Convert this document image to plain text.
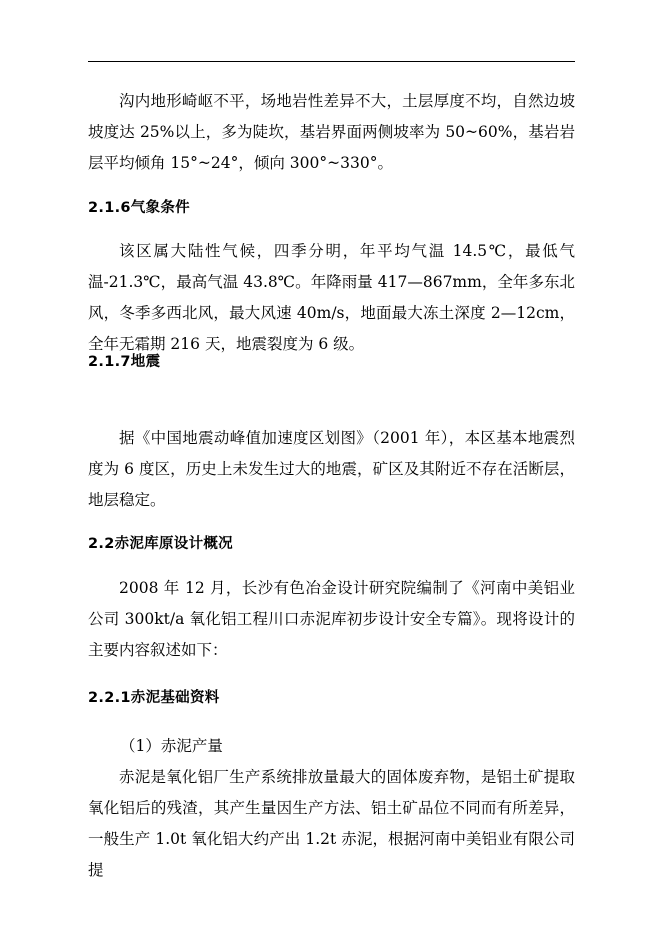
沟内地形崎岖不平，场地岩性差异不大，土层厚度不均，自然边坡坡度达 25%以上，多为陡坎，基岩界面两侧坡率为 50~60%，基岩岩层平均倾角 15°~24°，倾向 300°~330°。

2.1.6气象条件

该区属大陆性气候，四季分明，年平均气温 14.5℃，最低气温-21.3℃，最高气温 43.8℃。年降雨量 417—867mm，全年多东北风，冬季多西北风，最大风速 40m/s，地面最大冻土深度 2—12cm，全年无霜期 216 天，地震裂度为 6 级。

2.1.7地震

据《中国地震动峰值加速度区划图》（2001 年），本区基本地震烈度为 6 度区，历史上未发生过大的地震，矿区及其附近不存在活断层，地层稳定。

2.2赤泥库原设计概况

2008 年 12 月，长沙有色冶金设计研究院编制了《河南中美铝业公司 300kt/a 氧化铝工程川口赤泥库初步设计安全专篇》。现将设计的主要内容叙述如下：

2.2.1赤泥基础资料
（1）赤泥产量

赤泥是氧化铝厂生产系统排放量最大的固体废弃物，是铝土矿提取氧化铝后的残渣，其产生量因生产方法、铝土矿品位不同而有所差异，一般生产 1.0t 氧化铝大约产出 1.2t 赤泥，根据河南中美铝业有限公司提
